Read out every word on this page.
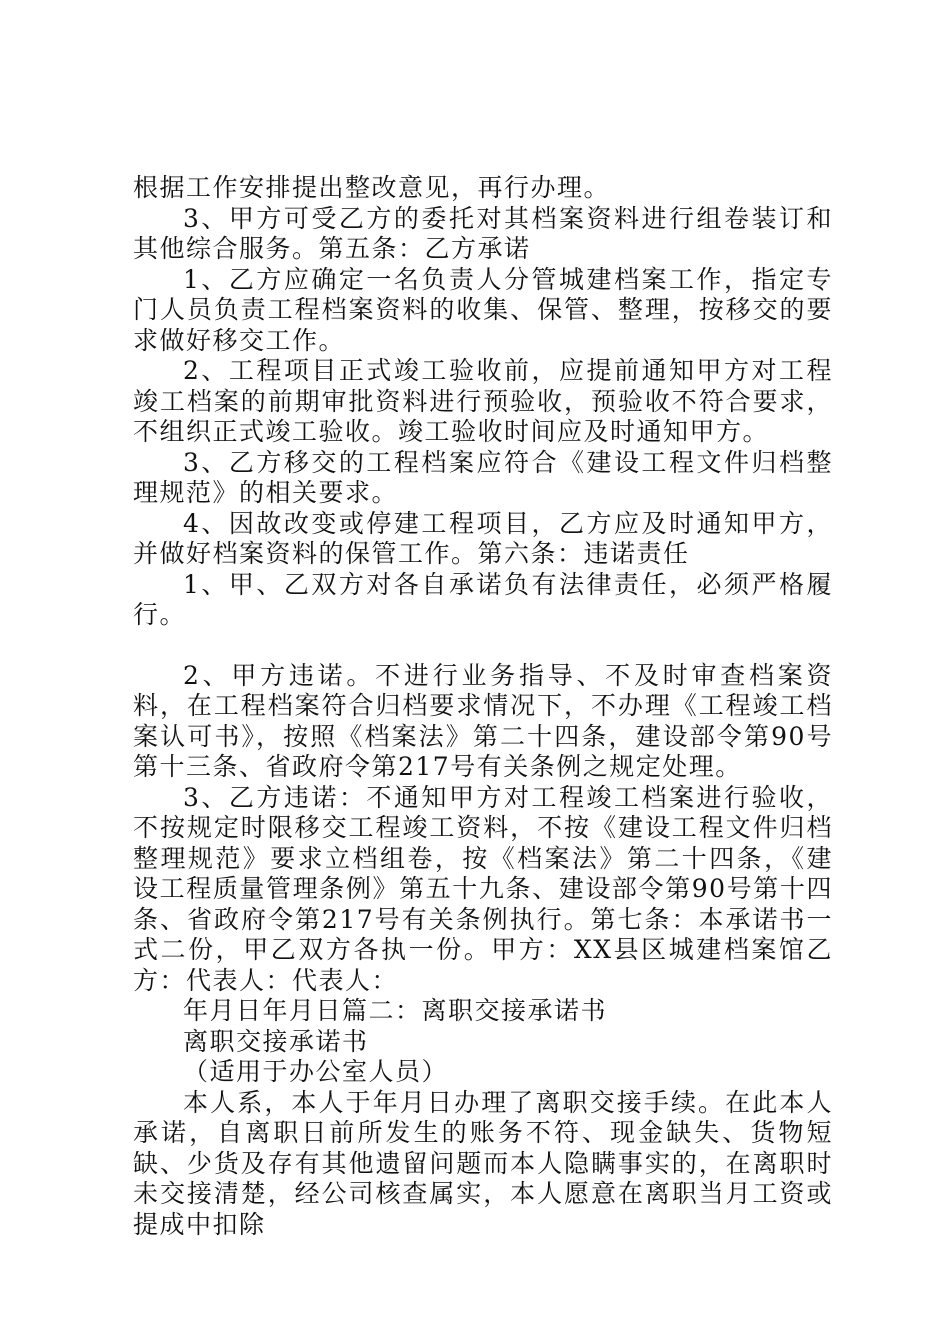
根据工作安排提出整改意见，再行办理。

3、甲方可受乙方的委托对其档案资料进行组卷装订和其他综合服务。第五条：乙方承诺

1、乙方应确定一名负责人分管城建档案工作，指定专门人员负责工程档案资料的收集、保管、整理，按移交的要求做好移交工作。

2、工程项目正式竣工验收前，应提前通知甲方对工程竣工档案的前期审批资料进行预验收，预验收不符合要求，不组织正式竣工验收。竣工验收时间应及时通知甲方。

3、乙方移交的工程档案应符合《建设工程文件归档整理规范》的相关要求。

4、因故改变或停建工程项目，乙方应及时通知甲方，并做好档案资料的保管工作。第六条：违诺责任

1、甲、乙双方对各自承诺负有法律责任，必须严格履行。

2、甲方违诺。不进行业务指导、不及时审查档案资料，在工程档案符合归档要求情况下，不办理《工程竣工档案认可书》，按照《档案法》第二十四条，建设部令第90号第十三条、省政府令第217号有关条例之规定处理。

3、乙方违诺：不通知甲方对工程竣工档案进行验收，不按规定时限移交工程竣工资料，不按《建设工程文件归档整理规范》要求立档组卷，按《档案法》第二十四条，《建设工程质量管理条例》第五十九条、建设部令第90号第十四条、省政府令第217号有关条例执行。第七条：本承诺书一式二份，甲乙双方各执一份。甲方：XX县区城建档案馆乙方：代表人：代表人：

年月日年月日篇二：离职交接承诺书

离职交接承诺书

（适用于办公室人员）

本人系，本人于年月日办理了离职交接手续。在此本人承诺，自离职日前所发生的账务不符、现金缺失、货物短缺、少货及存有其他遗留问题而本人隐瞒事实的，在离职时未交接清楚，经公司核查属实，本人愿意在离职当月工资或提成中扣除
